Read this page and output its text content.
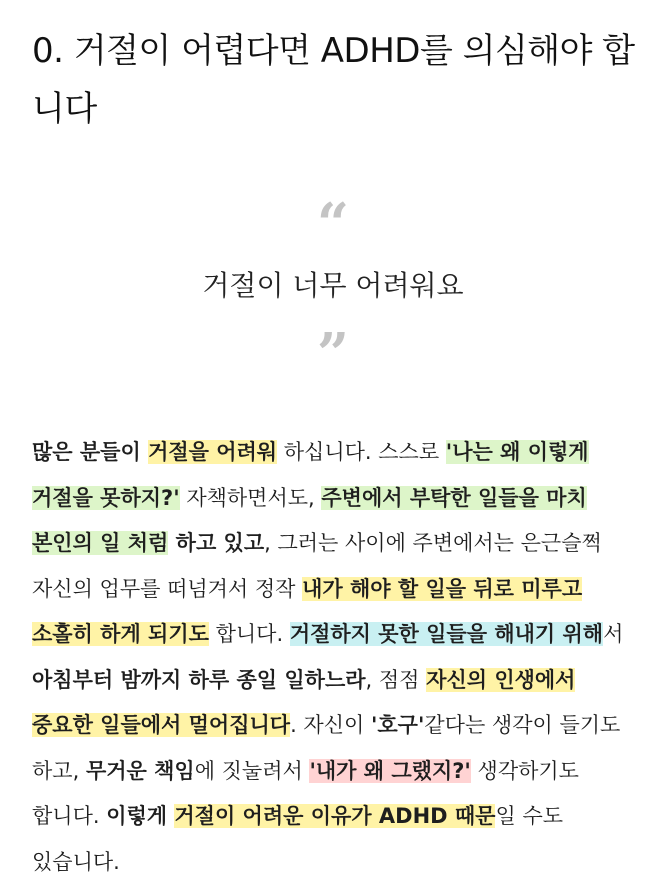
0. 거절이 어렵다면 ADHD를 의심해야 합니다
“
거절이 너무 어려워요
”

많은 분들이 거절을 어려워 하십니다. 스스로 '나는 왜 이렇게 거절을 못하지?' 자책하면서도, 주변에서 부탁한 일들을 마치 본인의 일 처럼 하고 있고, 그러는 사이에 주변에서는 은근슬쩍 자신의 업무를 떠넘겨서 정작 내가 해야 할 일을 뒤로 미루고 소홀히 하게 되기도 합니다. 거절하지 못한 일들을 해내기 위해서 아침부터 밤까지 하루 종일 일하느라, 점점 자신의 인생에서 중요한 일들에서 멀어집니다. 자신이 '호구'같다는 생각이 들기도 하고, 무거운 책임에 짓눌려서 '내가 왜 그랬지?' 생각하기도 합니다. 이렇게 거절이 어려운 이유가 ADHD 때문일 수도 있습니다.
